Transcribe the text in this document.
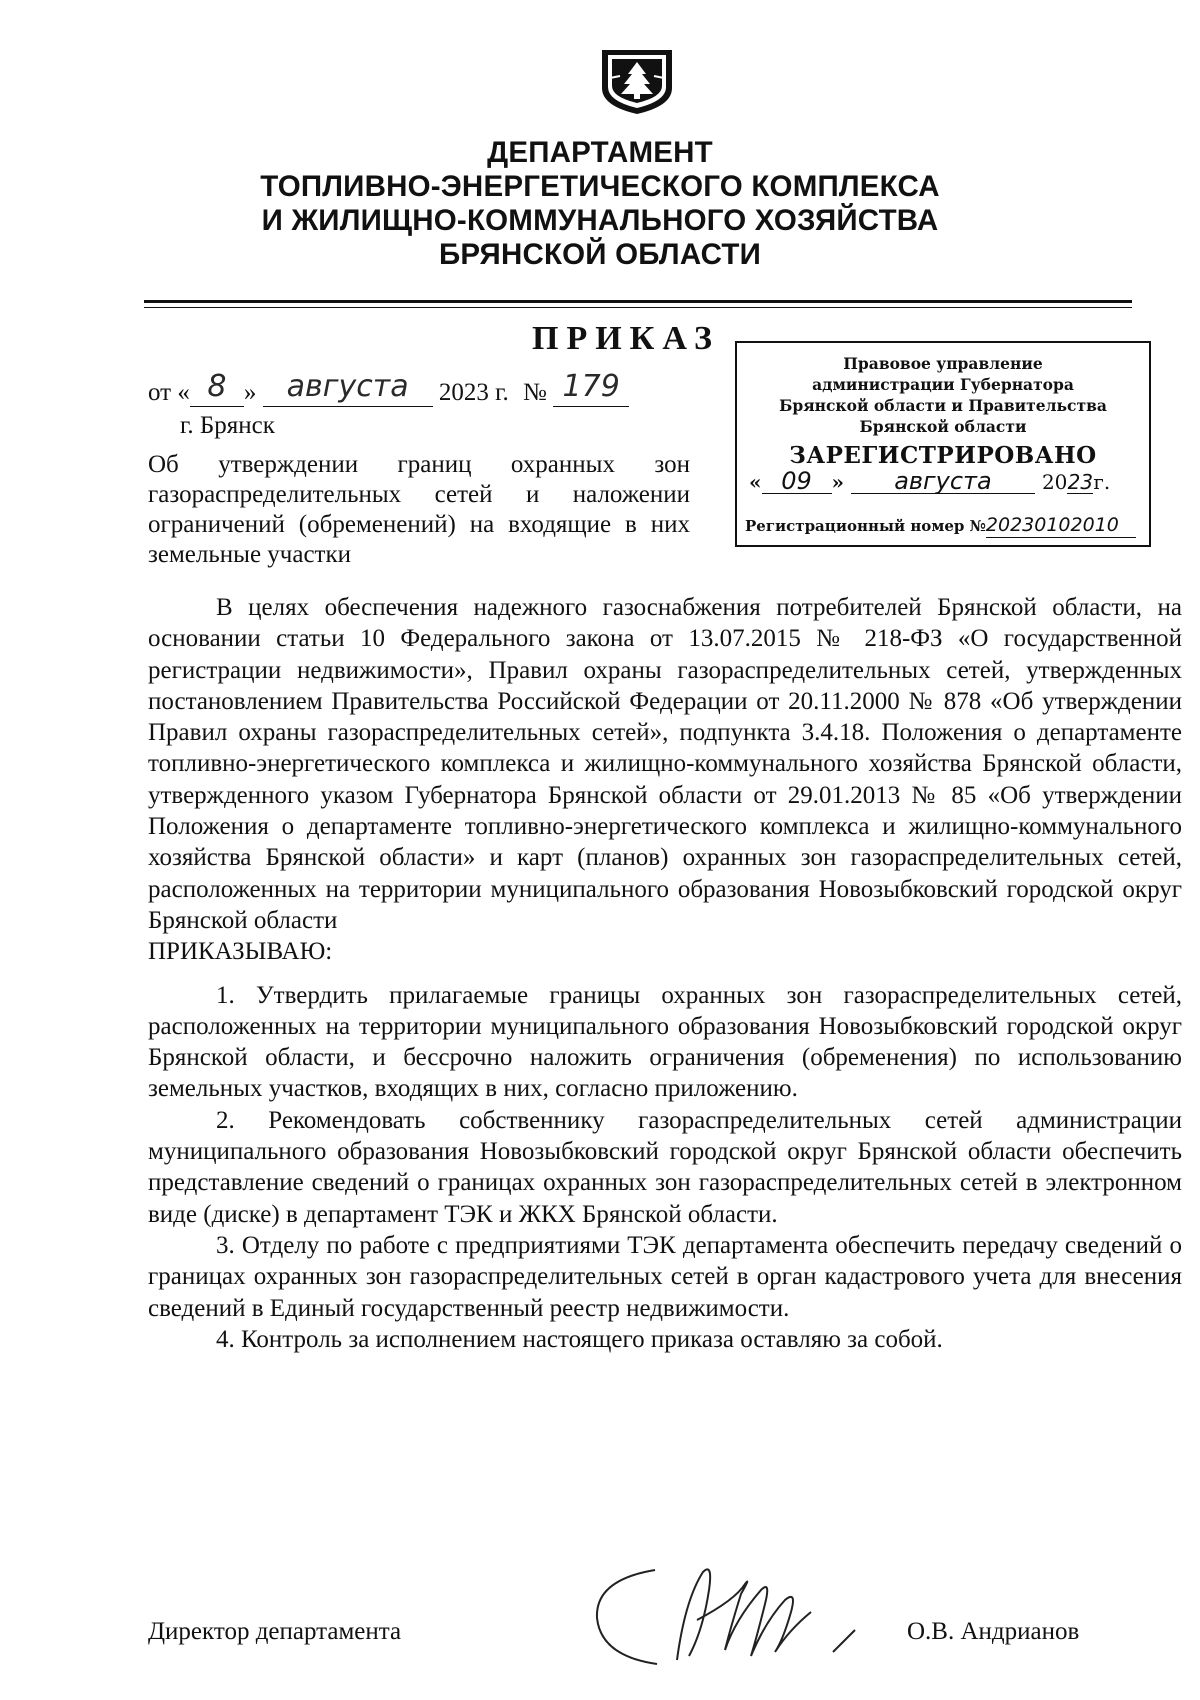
ДЕПАРТАМЕНТ
ТОПЛИВНО-ЭНЕРГЕТИЧЕСКОГО КОМПЛЕКСА
И ЖИЛИЩНО-КОММУНАЛЬНОГО ХОЗЯЙСТВА
БРЯНСКОЙ ОБЛАСТИ
ПРИКАЗ
от « 8 » августа 2023 г. № 179
г. Брянск
Правовое управление
администрации Губернатора
Брянской области и Правительства
Брянской области
ЗАРЕГИСТРИРОВАНО
« 09 » августа	2023г.
Регистрационный номер №20230102010
Об утверждении границ охранных зон газораспределительных сетей и наложении ограничений (обременений) на входящие в них земельные участки

В целях обеспечения надежного газоснабжения потребителей Брянской области, на основании статьи 10 Федерального закона от 13.07.2015 № 218-ФЗ «О государственной регистрации недвижимости», Правил охраны газораспределительных сетей, утвержденных постановлением Правительства Российской Федерации от 20.11.2000 № 878 «Об утверждении Правил охраны газораспределительных сетей», подпункта 3.4.18. Положения о департаменте топливно-энергетического комплекса и жилищно-коммунального хозяйства Брянской области, утвержденного указом Губернатора Брянской области от 29.01.2013 № 85 «Об утверждении Положения о департаменте топливно-энергетического комплекса и жилищно-коммунального хозяйства Брянской области» и карт (планов) охранных зон газораспределительных сетей, расположенных на территории муниципального образования Новозыбковский городской округ Брянской области

ПРИКАЗЫВАЮ:

1. Утвердить прилагаемые границы охранных зон газораспределительных сетей, расположенных на территории муниципального образования Новозыбковский городской округ Брянской области, и бессрочно наложить ограничения (обременения) по использованию земельных участков, входящих в них, согласно приложению.

2. Рекомендовать собственнику газораспределительных сетей администрации муниципального образования Новозыбковский городской округ Брянской области обеспечить представление сведений о границах охранных зон газораспределительных сетей в электронном виде (диске) в департамент ТЭК и ЖКХ Брянской области.

3. Отделу по работе с предприятиями ТЭК департамента обеспечить передачу сведений о границах охранных зон газораспределительных сетей в орган кадастрового учета для внесения сведений в Единый государственный реестр недвижимости.

4. Контроль за исполнением настоящего приказа оставляю за собой.

Директор департамента	О.В. Андрианов
